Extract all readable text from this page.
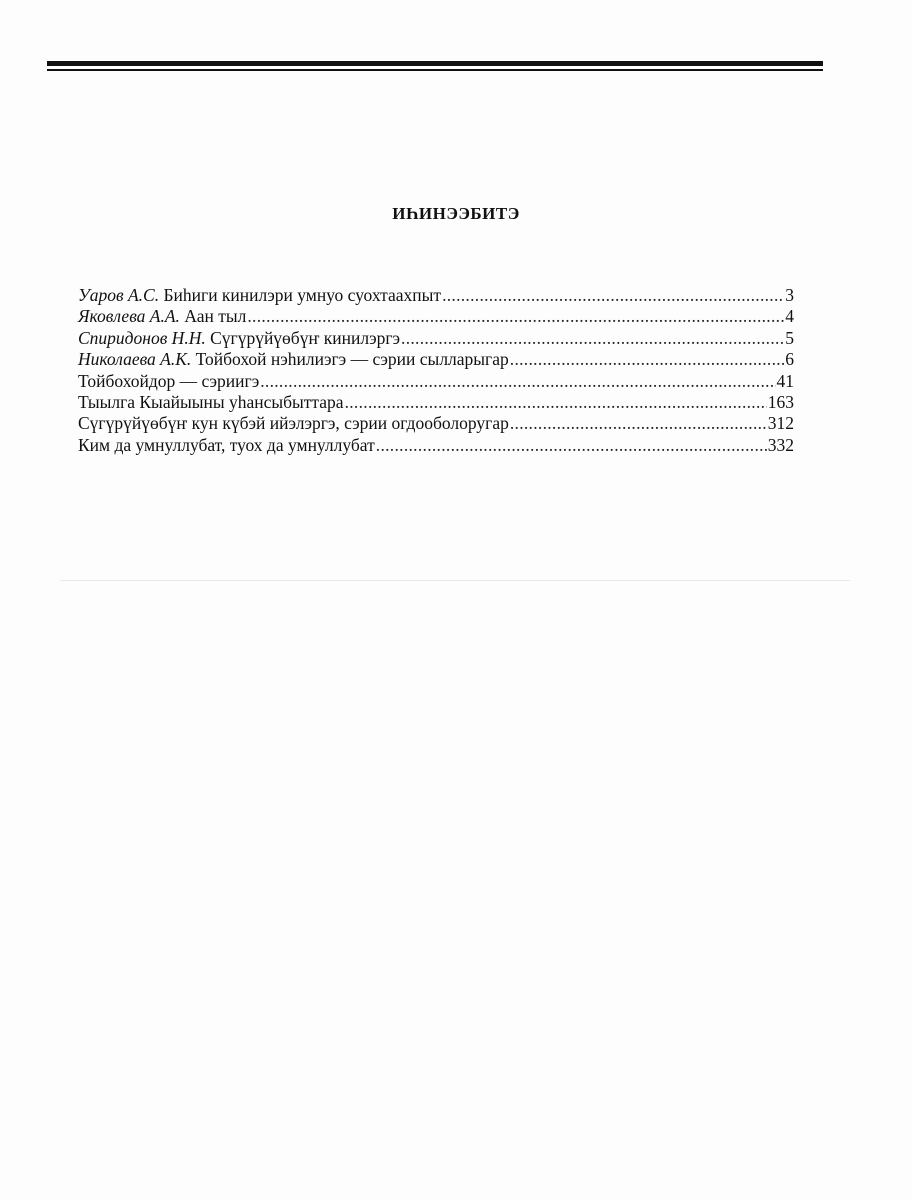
ИҺИНЭЭБИТЭ
Уаров А.С. Биһиги кинилэри умнуо суохтаахпыт .....	3
Яковлева А.А. Аан тыл .....	4
Спиридонов Н.Н. Сүгүрүйүөбүҥ кинилэргэ .....	5
Николаева А.К. Тойбохой нэһилиэгэ — сэрии сылларыгар .....	6
Тойбохойдор — сэриигэ .....	41
Тыылга Кыайыыны уһансыбыттара .....	163
Сүгүрүйүөбүҥ кун күбэй ийэлэргэ, сэрии огдооболоругар .....	312
Ким да умнуллубат, туох да умнуллубат .....	332
